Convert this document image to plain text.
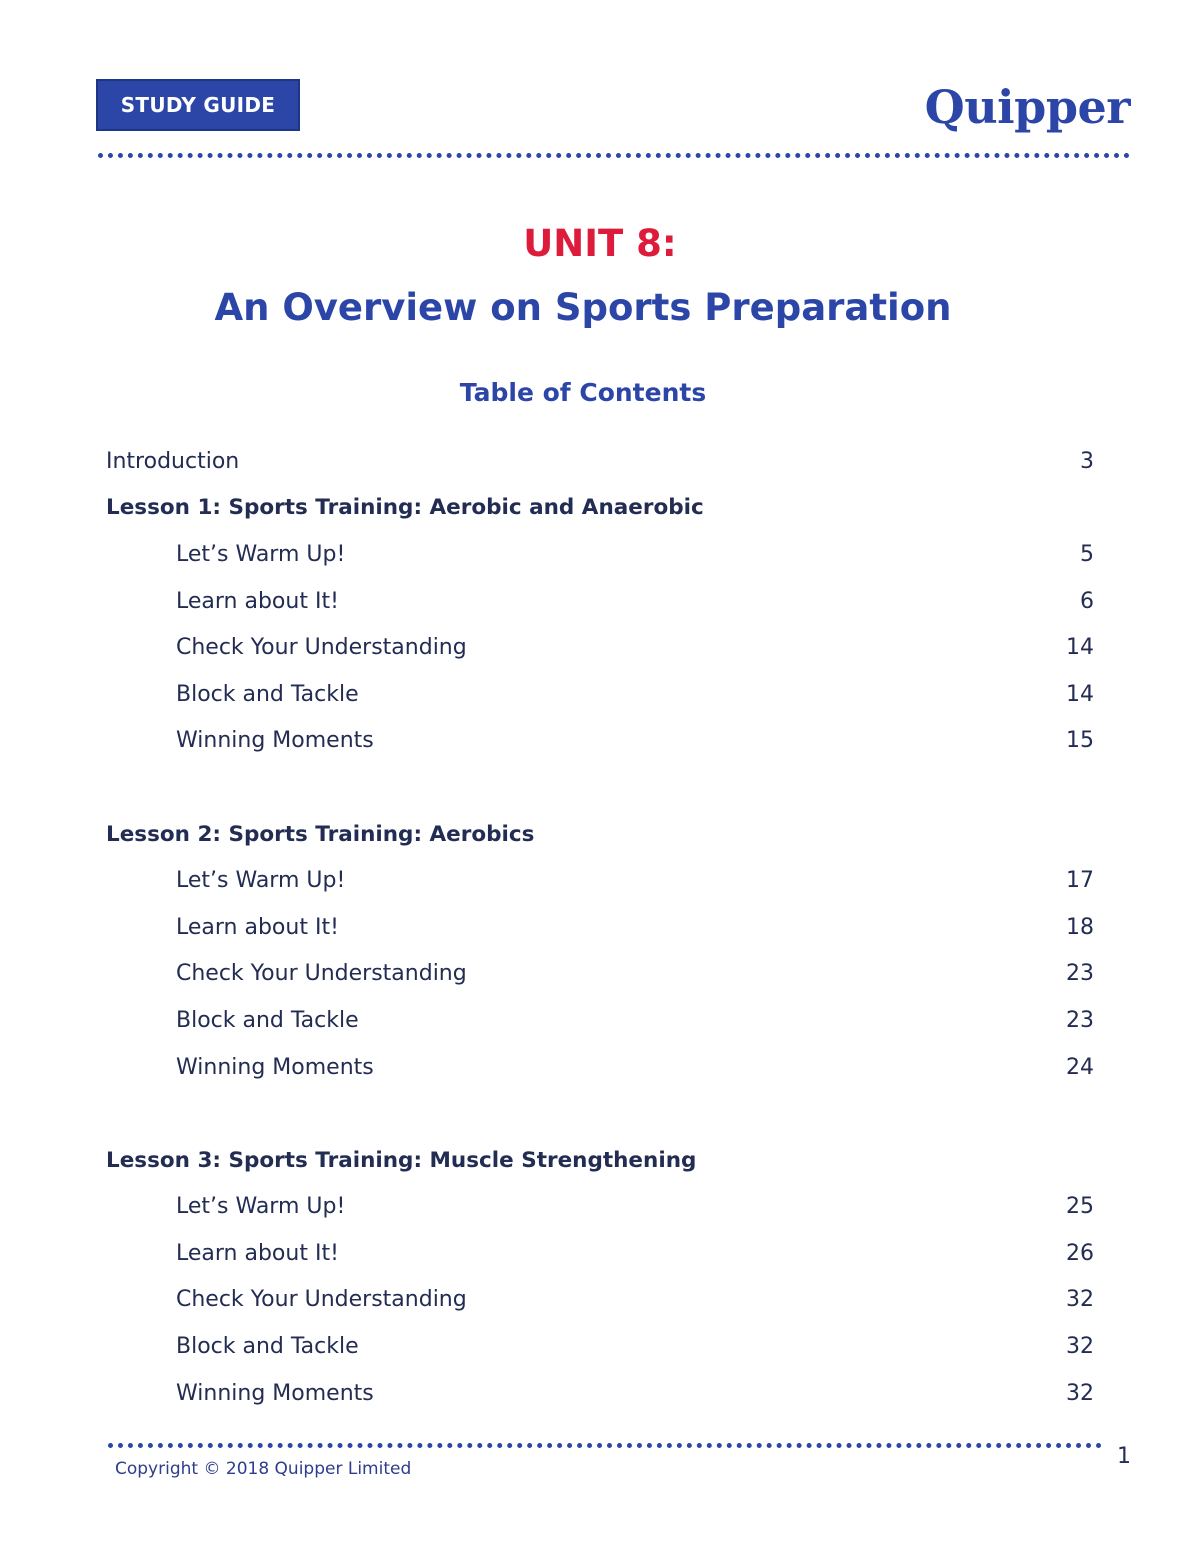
STUDY GUIDE	Quipper
UNIT 8:
An Overview on Sports Preparation
Table of Contents
Introduction	3
Lesson 1: Sports Training: Aerobic and Anaerobic
Let’s Warm Up!	5
Learn about It!	6
Check Your Understanding	14
Block and Tackle	14
Winning Moments	15
Lesson 2: Sports Training: Aerobics
Let’s Warm Up!	17
Learn about It!	18
Check Your Understanding	23
Block and Tackle	23
Winning Moments	24
Lesson 3: Sports Training: Muscle Strengthening
Let’s Warm Up!	25
Learn about It!	26
Check Your Understanding	32
Block and Tackle	32
Winning Moments	32
Copyright © 2018 Quipper Limited	1
